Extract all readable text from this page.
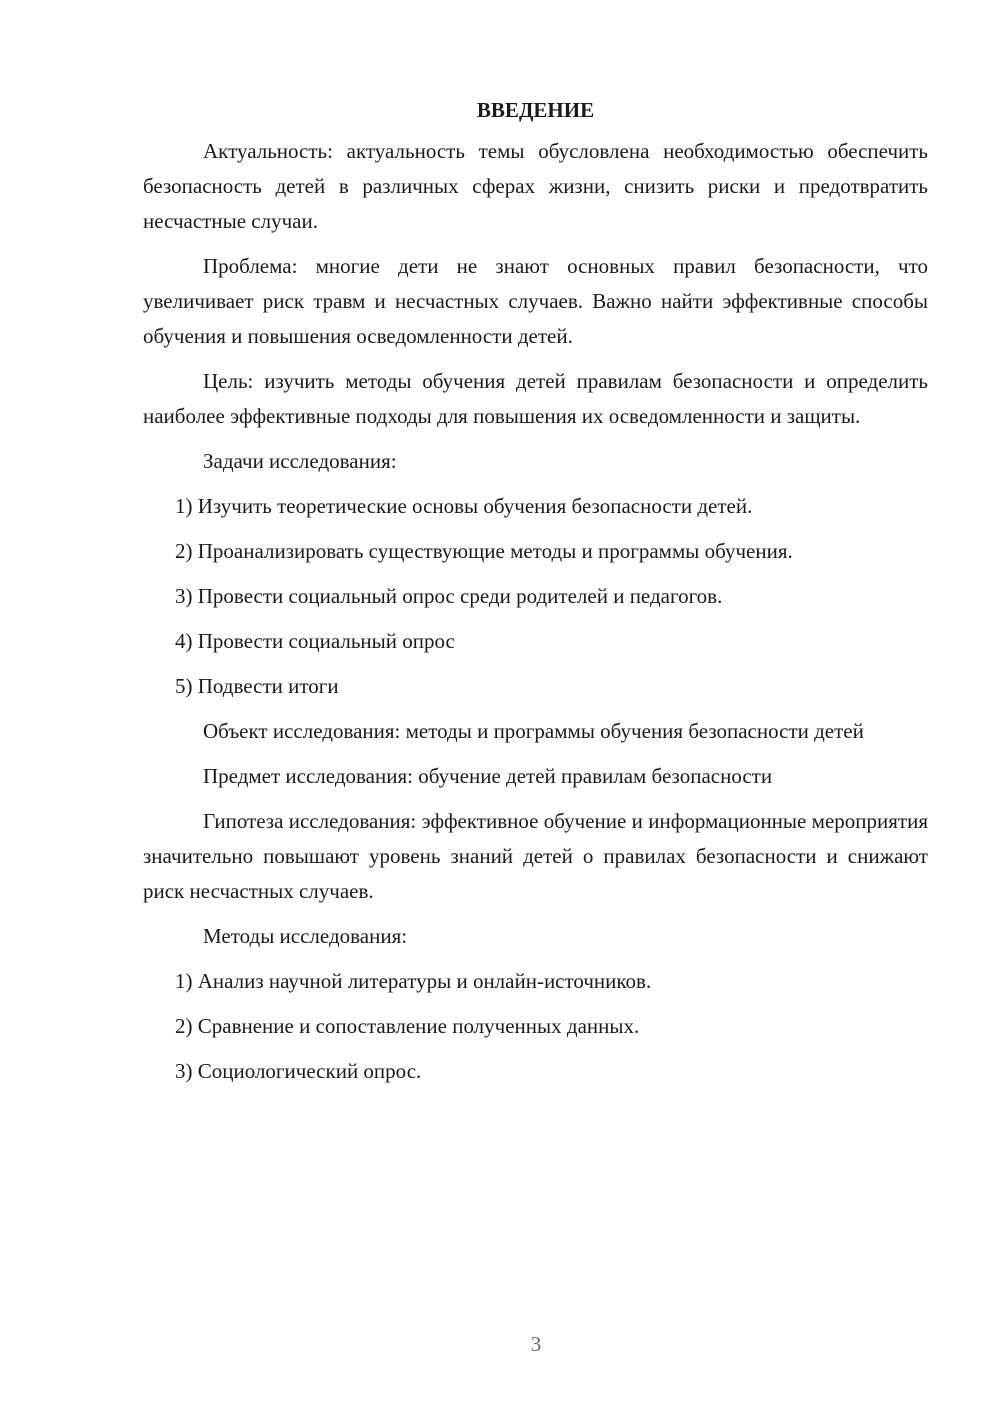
ВВЕДЕНИЕ

Актуальность: актуальность темы обусловлена необходимостью обеспечить безопасность детей в различных сферах жизни, снизить риски и предотвратить несчастные случаи.

Проблема: многие дети не знают основных правил безопасности, что увеличивает риск травм и несчастных случаев. Важно найти эффективные способы обучения и повышения осведомленности детей.

Цель: изучить методы обучения детей правилам безопасности и определить наиболее эффективные подходы для повышения их осведомленности и защиты.

Задачи исследования:

1) Изучить теоретические основы обучения безопасности детей.
2) Проанализировать существующие методы и программы обучения.
3) Провести социальный опрос среди родителей и педагогов.
4) Провести социальный опрос
5) Подвести итоги

Объект исследования: методы и программы обучения безопасности детей

Предмет исследования: обучение детей правилам безопасности

Гипотеза исследования: эффективное обучение и информационные мероприятия значительно повышают уровень знаний детей о правилах безопасности и снижают риск несчастных случаев.

Методы исследования:

1) Анализ научной литературы и онлайн-источников.
2) Сравнение и сопоставление полученных данных.
3) Социологический опрос.
3
